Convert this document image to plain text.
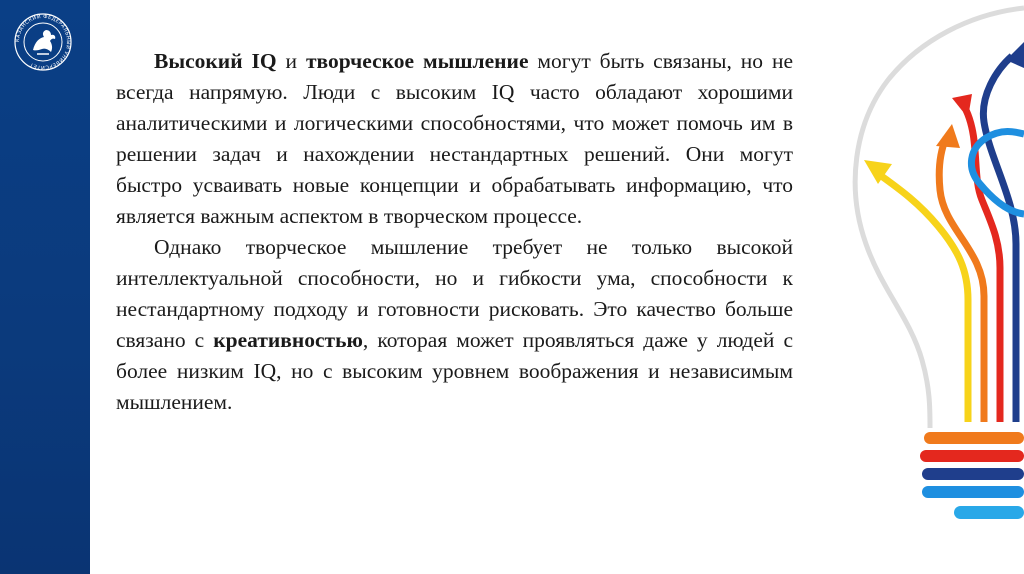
КАЗАНСКИЙ ФЕДЕРАЛЬНЫЙ УНИВЕРСИТЕТ	Высокий IQ и творческое мышление могут быть связаны, но не всегда напрямую. Люди с высоким IQ часто обладают хорошими аналитическими и логическими способностями, что может помочь им в решении задач и нахождении нестандартных решений. Они могут быстро усваивать новые концепции и обрабатывать информацию, что является важным аспектом в творческом процессе.

Однако творческое мышление требует не только высокой интеллектуальной способности, но и гибкости ума, способности к нестандартному подходу и готовности рисковать. Это качество больше связано с креативностью, которая может проявляться даже у людей с более низким IQ, но с высоким уровнем воображения и независимым мышлением.
